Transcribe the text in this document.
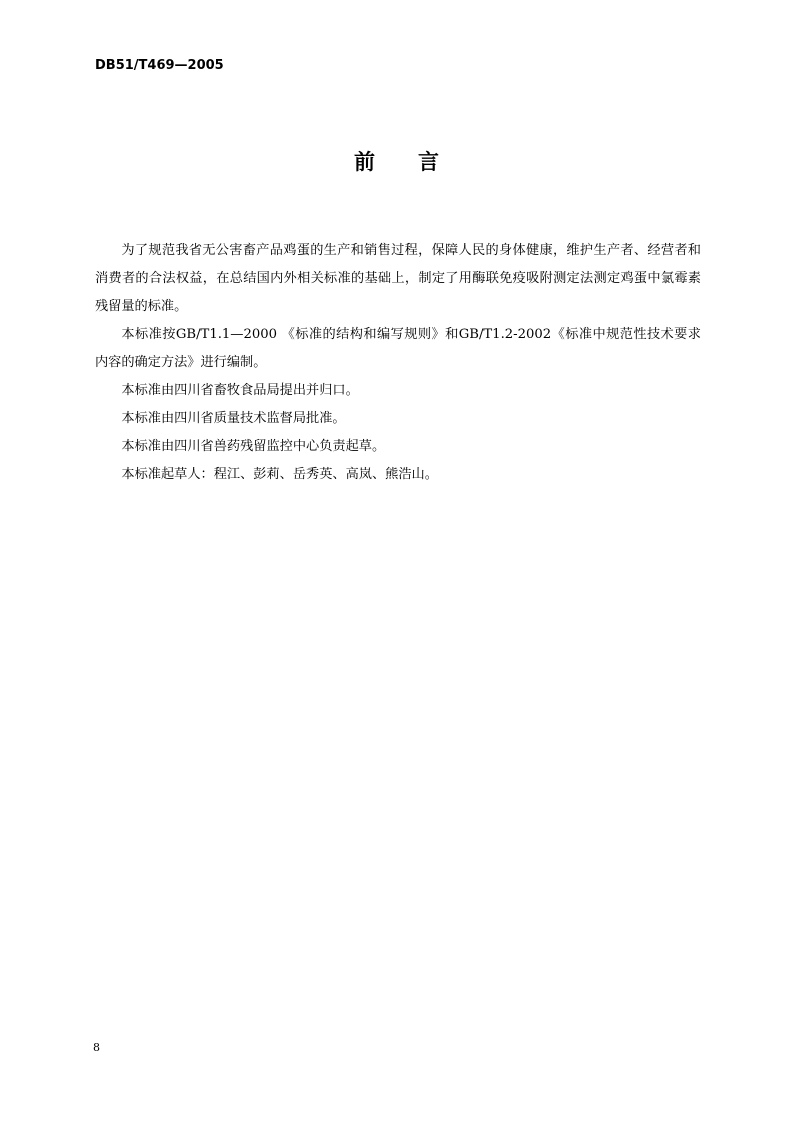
DB51/T469—2005
前 言

为了规范我省无公害畜产品鸡蛋的生产和销售过程，保障人民的身体健康，维护生产者、经营者和消费者的合法权益，在总结国内外相关标准的基础上，制定了用酶联免疫吸附测定法测定鸡蛋中氯霉素残留量的标准。

本标准按GB/T1.1—2000 《标准的结构和编写规则》和GB/T1.2-2002《标准中规范性技术要求内容的确定方法》进行编制。

本标准由四川省畜牧食品局提出并归口。

本标准由四川省质量技术监督局批准。

本标准由四川省兽药残留监控中心负责起草。

本标准起草人：程江、彭莉、岳秀英、高岚、熊浩山。

8
